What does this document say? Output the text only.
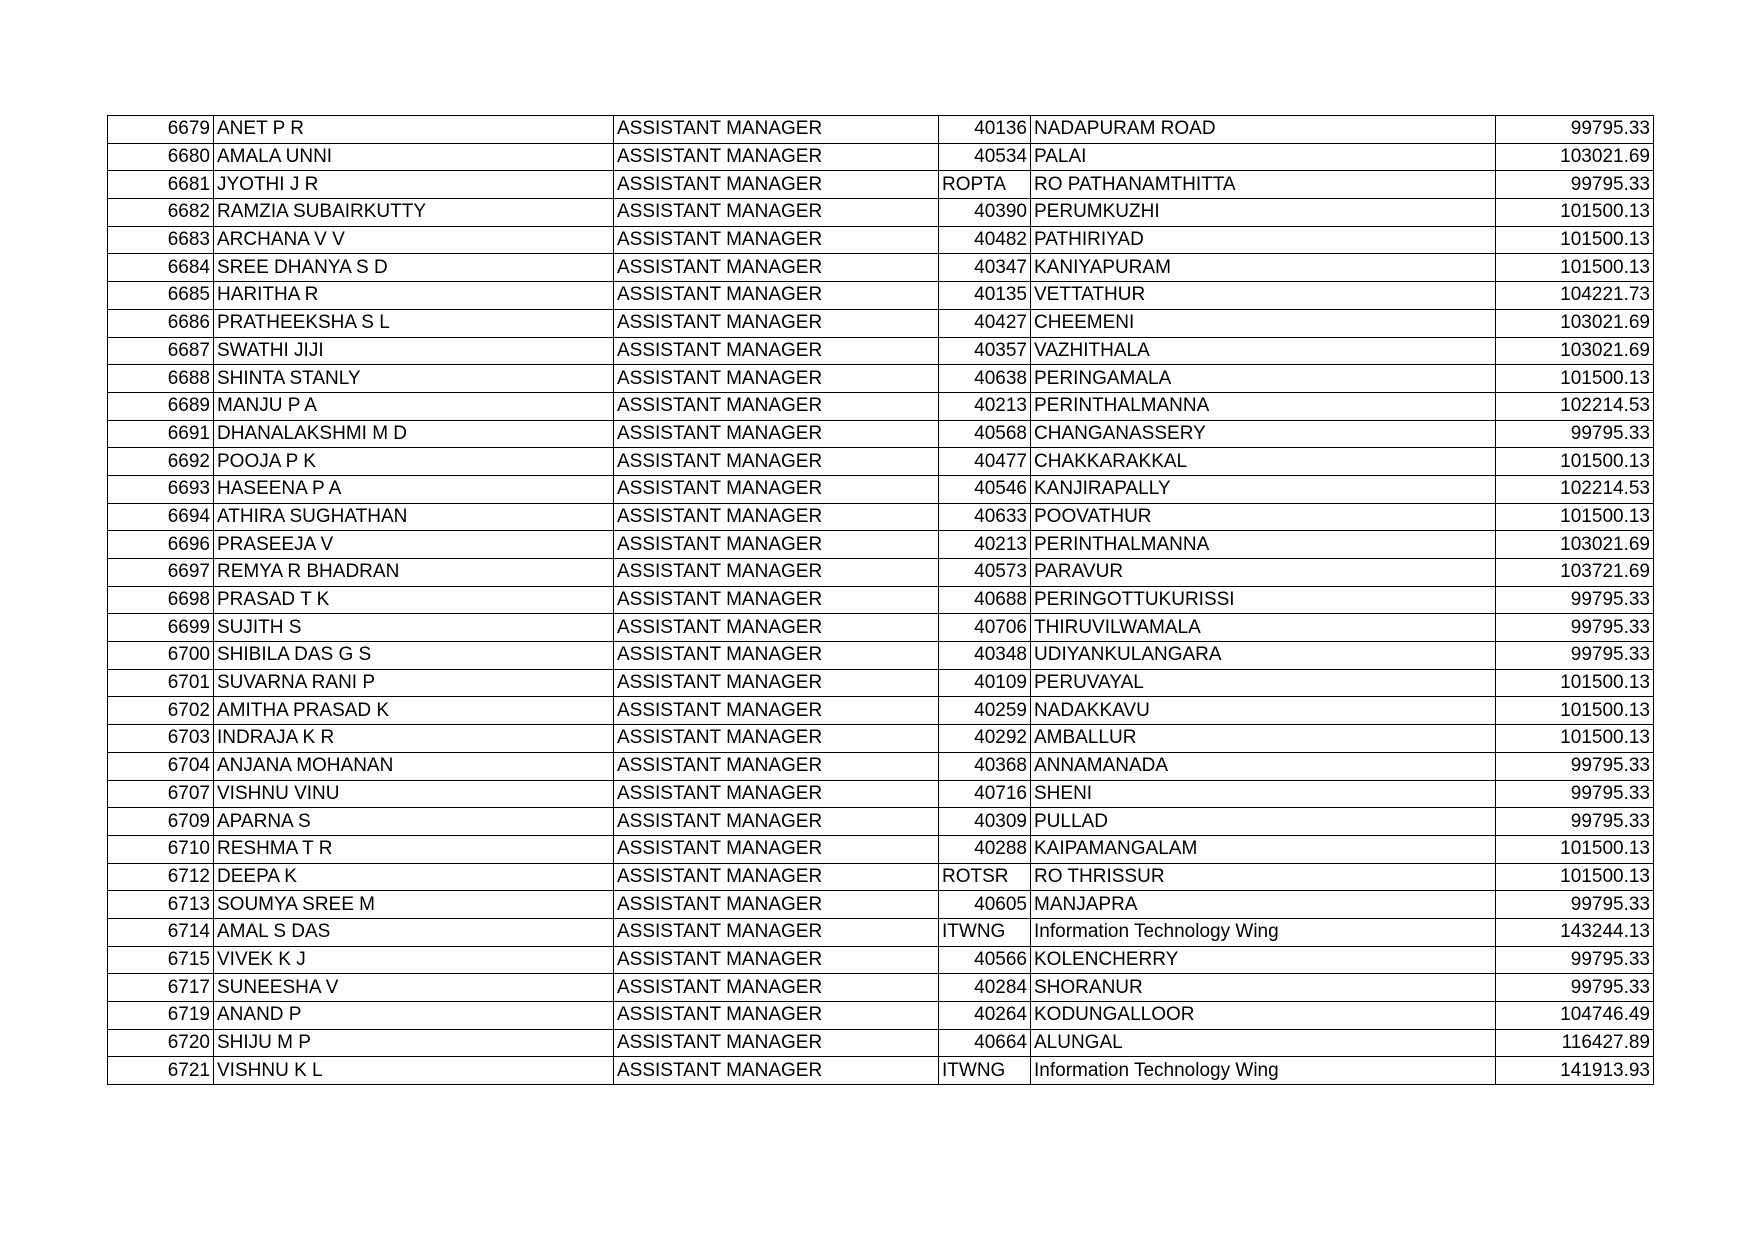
6679	ANET P R	ASSISTANT MANAGER	40136	NADAPURAM ROAD	99795.33
6680	AMALA UNNI	ASSISTANT MANAGER	40534	PALAI	103021.69
6681	JYOTHI J R	ASSISTANT MANAGER	ROPTA	RO PATHANAMTHITTA	99795.33
6682	RAMZIA SUBAIRKUTTY	ASSISTANT MANAGER	40390	PERUMKUZHI	101500.13
6683	ARCHANA V V	ASSISTANT MANAGER	40482	PATHIRIYAD	101500.13
6684	SREE DHANYA S D	ASSISTANT MANAGER	40347	KANIYAPURAM	101500.13
6685	HARITHA R	ASSISTANT MANAGER	40135	VETTATHUR	104221.73
6686	PRATHEEKSHA S L	ASSISTANT MANAGER	40427	CHEEMENI	103021.69
6687	SWATHI JIJI	ASSISTANT MANAGER	40357	VAZHITHALA	103021.69
6688	SHINTA STANLY	ASSISTANT MANAGER	40638	PERINGAMALA	101500.13
6689	MANJU P A	ASSISTANT MANAGER	40213	PERINTHALMANNA	102214.53
6691	DHANALAKSHMI M D	ASSISTANT MANAGER	40568	CHANGANASSERY	99795.33
6692	POOJA P K	ASSISTANT MANAGER	40477	CHAKKARAKKAL	101500.13
6693	HASEENA P A	ASSISTANT MANAGER	40546	KANJIRAPALLY	102214.53
6694	ATHIRA SUGHATHAN	ASSISTANT MANAGER	40633	POOVATHUR	101500.13
6696	PRASEEJA V	ASSISTANT MANAGER	40213	PERINTHALMANNA	103021.69
6697	REMYA R BHADRAN	ASSISTANT MANAGER	40573	PARAVUR	103721.69
6698	PRASAD T K	ASSISTANT MANAGER	40688	PERINGOTTUKURISSI	99795.33
6699	SUJITH S	ASSISTANT MANAGER	40706	THIRUVILWAMALA	99795.33
6700	SHIBILA DAS G S	ASSISTANT MANAGER	40348	UDIYANKULANGARA	99795.33
6701	SUVARNA RANI P	ASSISTANT MANAGER	40109	PERUVAYAL	101500.13
6702	AMITHA PRASAD K	ASSISTANT MANAGER	40259	NADAKKAVU	101500.13
6703	INDRAJA K R	ASSISTANT MANAGER	40292	AMBALLUR	101500.13
6704	ANJANA MOHANAN	ASSISTANT MANAGER	40368	ANNAMANADA	99795.33
6707	VISHNU VINU	ASSISTANT MANAGER	40716	SHENI	99795.33
6709	APARNA S	ASSISTANT MANAGER	40309	PULLAD	99795.33
6710	RESHMA T R	ASSISTANT MANAGER	40288	KAIPAMANGALAM	101500.13
6712	DEEPA K	ASSISTANT MANAGER	ROTSR	RO THRISSUR	101500.13
6713	SOUMYA SREE M	ASSISTANT MANAGER	40605	MANJAPRA	99795.33
6714	AMAL S DAS	ASSISTANT MANAGER	ITWNG	Information Technology Wing	143244.13
6715	VIVEK K J	ASSISTANT MANAGER	40566	KOLENCHERRY	99795.33
6717	SUNEESHA V	ASSISTANT MANAGER	40284	SHORANUR	99795.33
6719	ANAND P	ASSISTANT MANAGER	40264	KODUNGALLOOR	104746.49
6720	SHIJU M P	ASSISTANT MANAGER	40664	ALUNGAL	116427.89
6721	VISHNU K L	ASSISTANT MANAGER	ITWNG	Information Technology Wing	141913.93
